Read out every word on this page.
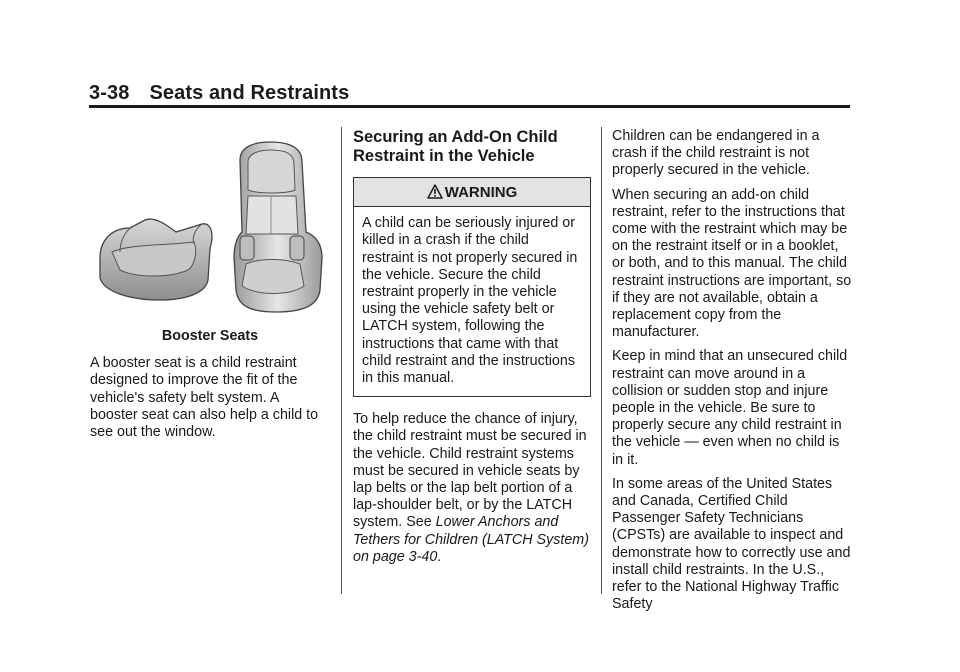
3-38 Seats and Restraints
Booster Seats

A booster seat is a child restraint designed to improve the fit of the vehicle's safety belt system. A booster seat can also help a child to see out the window.

Securing an Add-On Child Restraint in the Vehicle
WARNING
A child can be seriously injured or killed in a crash if the child restraint is not properly secured in the vehicle. Secure the child restraint properly in the vehicle using the vehicle safety belt or LATCH system, following the instructions that came with that child restraint and the instructions in this manual.

To help reduce the chance of injury, the child restraint must be secured in the vehicle. Child restraint systems must be secured in vehicle seats by lap belts or the lap belt portion of a lap-shoulder belt, or by the LATCH system. See Lower Anchors and Tethers for Children (LATCH System) on page 3-40.

Children can be endangered in a crash if the child restraint is not properly secured in the vehicle.

When securing an add-on child restraint, refer to the instructions that come with the restraint which may be on the restraint itself or in a booklet, or both, and to this manual. The child restraint instructions are important, so if they are not available, obtain a replacement copy from the manufacturer.

Keep in mind that an unsecured child restraint can move around in a collision or sudden stop and injure people in the vehicle. Be sure to properly secure any child restraint in the vehicle — even when no child is in it.

In some areas of the United States and Canada, Certified Child Passenger Safety Technicians (CPSTs) are available to inspect and demonstrate how to correctly use and install child restraints. In the U.S., refer to the National Highway Traffic Safety
